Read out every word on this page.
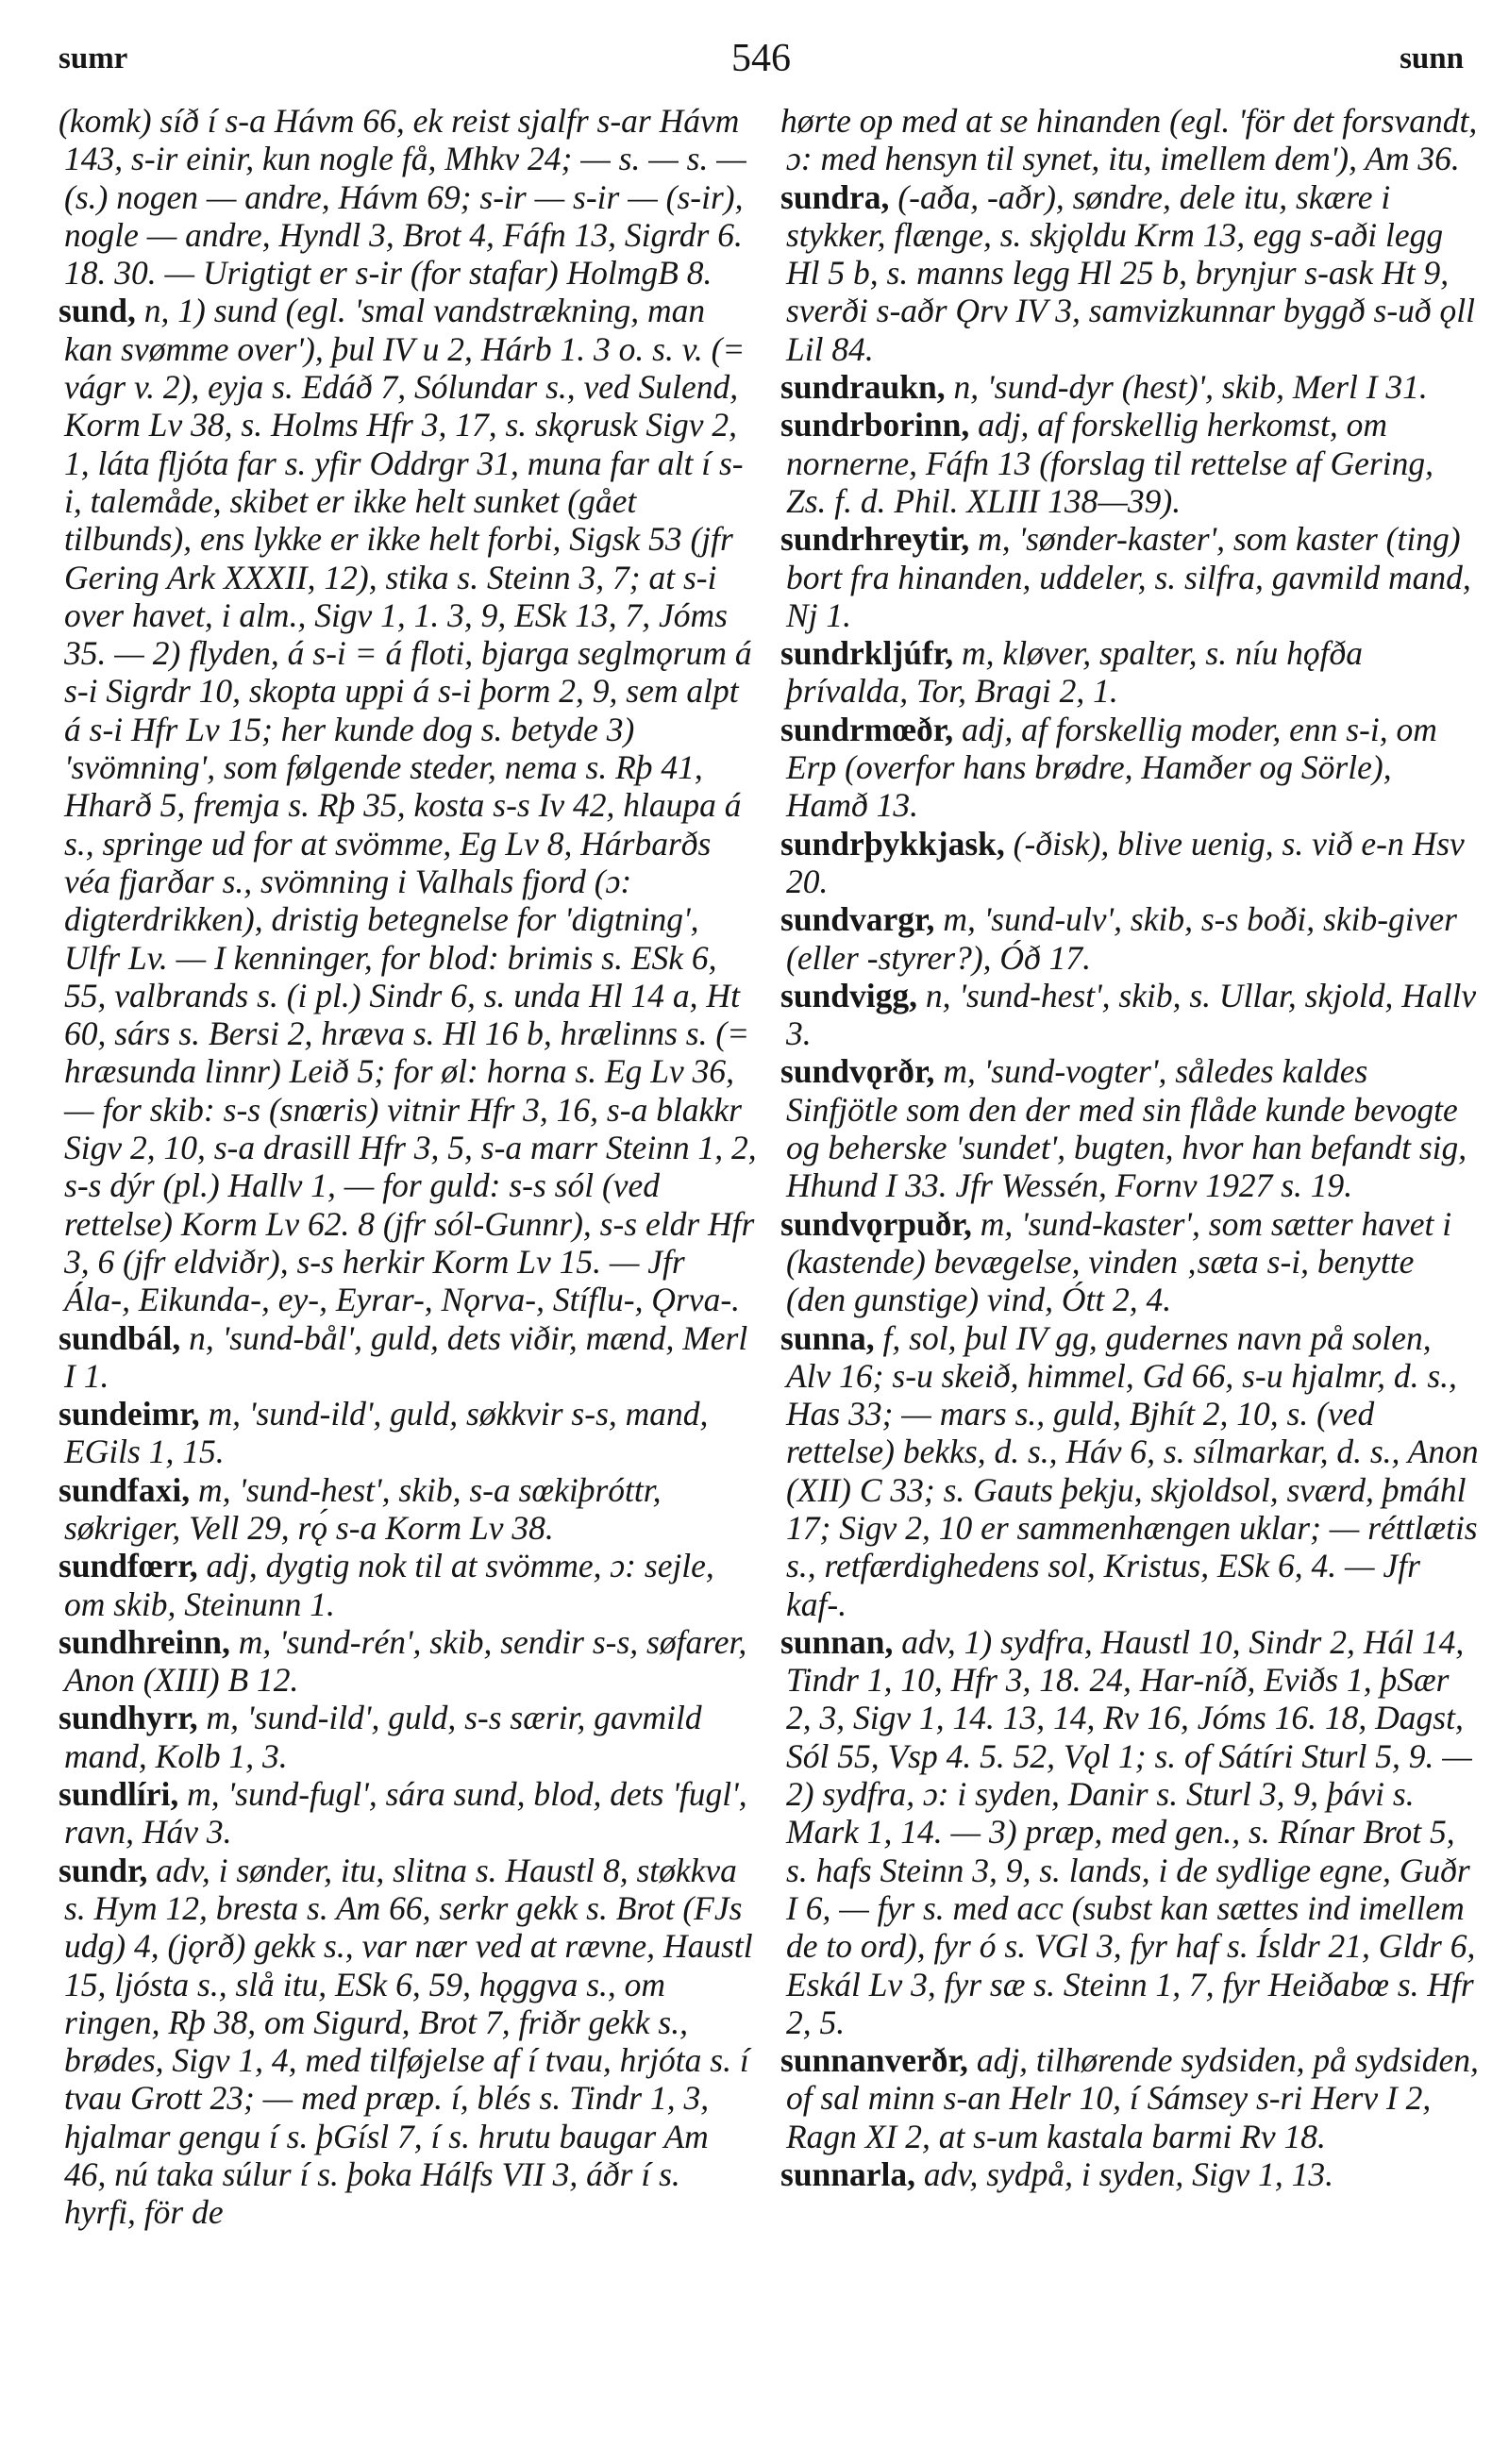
sumr	546	sunn

(komk) síð í s-a Hávm 66, ek reist sjalfr s-ar Hávm 143, s-ir einir, kun nogle få, Mhkv 24; — s. — s. — (s.) nogen — andre, Hávm 69; s-ir — s-ir — (s-ir), nogle — andre, Hyndl 3, Brot 4, Fáfn 13, Sigrdr 6. 18. 30. — Urigtigt er s-ir (for stafar) HolmgB 8.

sund, n, 1) sund (egl. 'smal vandstrækning, man kan svømme over'), þul IV u 2, Hárb 1. 3 o. s. v. (= vágr v. 2), eyja s. Edáð 7, Sólundar s., ved Sulend, Korm Lv 38, s. Holms Hfr 3, 17, s. skǫrusk Sigv 2, 1, láta fljóta far s. yfir Oddrgr 31, muna far alt í s-i, talemåde, skibet er ikke helt sunket (gået tilbunds), ens lykke er ikke helt forbi, Sigsk 53 (jfr Gering Ark XXXII, 12), stika s. Steinn 3, 7; at s-i over havet, i alm., Sigv 1, 1. 3, 9, ESk 13, 7, Jóms 35. — 2) flyden, á s-i = á floti, bjarga seglmǫrum á s-i Sigrdr 10, skopta uppi á s-i þorm 2, 9, sem alpt á s-i Hfr Lv 15; her kunde dog s. betyde 3) 'svömning', som følgende steder, nema s. Rþ 41, Hharð 5, fremja s. Rþ 35, kosta s-s Iv 42, hlaupa á s., springe ud for at svömme, Eg Lv 8, Hárbarðs véa fjarðar s., svömning i Valhals fjord (ɔ: digterdrikken), dristig betegnelse for 'digtning', Ulfr Lv. — I kenninger, for blod: brimis s. ESk 6, 55, valbrands s. (i pl.) Sindr 6, s. unda Hl 14 a, Ht 60, sárs s. Bersi 2, hræva s. Hl 16 b, hrælinns s. (= hræsunda linnr) Leið 5; for øl: horna s. Eg Lv 36, — for skib: s-s (snœris) vitnir Hfr 3, 16, s-a blakkr Sigv 2, 10, s-a drasill Hfr 3, 5, s-a marr Steinn 1, 2, s-s dýr (pl.) Hallv 1, — for guld: s-s sól (ved rettelse) Korm Lv 62. 8 (jfr sól-Gunnr), s-s eldr Hfr 3, 6 (jfr eldviðr), s-s herkir Korm Lv 15. — Jfr Ála-, Eikunda-, ey-, Eyrar-, Nǫrva-, Stíflu-, Ǫrva-.

sundbál, n, 'sund-bål', guld, dets viðir, mænd, Merl I 1.

sundeimr, m, 'sund-ild', guld, søkkvir s-s, mand, EGils 1, 15.

sundfaxi, m, 'sund-hest', skib, s-a sœkiþróttr, søkriger, Vell 29, rǫ́ s-a Korm Lv 38.

sundfœrr, adj, dygtig nok til at svömme, ɔ: sejle, om skib, Steinunn 1.

sundhreinn, m, 'sund-rén', skib, sendir s-s, søfarer, Anon (XIII) B 12.

sundhyrr, m, 'sund-ild', guld, s-s særir, gavmild mand, Kolb 1, 3.

sundlíri, m, 'sund-fugl', sára sund, blod, dets 'fugl', ravn, Háv 3.

sundr, adv, i sønder, itu, slitna s. Haustl 8, støkkva s. Hym 12, bresta s. Am 66, serkr gekk s. Brot (FJs udg) 4, (jǫrð) gekk s., var nær ved at rævne, Haustl 15, ljósta s., slå itu, ESk 6, 59, hǫggva s., om ringen, Rþ 38, om Sigurd, Brot 7, friðr gekk s., brødes, Sigv 1, 4, med tilføjelse af í tvau, hrjóta s. í tvau Grott 23; — med præp. í, blés s. Tindr 1, 3, hjalmar gengu í s. þGísl 7, í s. hrutu baugar Am 46, nú taka súlur í s. þoka Hálfs VII 3, áðr í s. hyrfi, för de

hørte op med at se hinanden (egl. 'för det forsvandt, ɔ: med hensyn til synet, itu, imellem dem'), Am 36.

sundra, (-aða, -aðr), søndre, dele itu, skære i stykker, flænge, s. skjǫldu Krm 13, egg s-aði legg Hl 5 b, s. manns legg Hl 25 b, brynjur s-ask Ht 9, sverði s-aðr Ǫrv IV 3, samvizkunnar byggð s-uð ǫll Lil 84.

sundraukn, n, 'sund-dyr (hest)', skib, Merl I 31.

sundrborinn, adj, af forskellig herkomst, om nornerne, Fáfn 13 (forslag til rettelse af Gering, Zs. f. d. Phil. XLIII 138—39).

sundrhreytir, m, 'sønder-kaster', som kaster (ting) bort fra hinanden, uddeler, s. silfra, gavmild mand, Nj 1.

sundrkljúfr, m, kløver, spalter, s. níu hǫfða þrívalda, Tor, Bragi 2, 1.

sundrmœðr, adj, af forskellig moder, enn s-i, om Erp (overfor hans brødre, Hamðer og Sörle), Hamð 13.

sundrþykkjask, (-ðisk), blive uenig, s. við e-n Hsv 20.

sundvargr, m, 'sund-ulv', skib, s-s boði, skib-giver (eller -styrer?), Óð 17.

sundvigg, n, 'sund-hest', skib, s. Ullar, skjold, Hallv 3.

sundvǫrðr, m, 'sund-vogter', således kaldes Sinfjötle som den der med sin flåde kunde bevogte og beherske 'sundet', bugten, hvor han befandt sig, Hhund I 33. Jfr Wessén, Fornv 1927 s. 19.

sundvǫrpuðr, m, 'sund-kaster', som sætter havet i (kastende) bevægelse, vinden ‚sæta s-i, benytte (den gunstige) vind, Ótt 2, 4.

sunna, f, sol, þul IV gg, gudernes navn på solen, Alv 16; s-u skeið, himmel, Gd 66, s-u hjalmr, d. s., Has 33; — mars s., guld, Bjhít 2, 10, s. (ved rettelse) bekks, d. s., Háv 6, s. sílmarkar, d. s., Anon (XII) C 33; s. Gauts þekju, skjoldsol, sværd, þmáhl 17; Sigv 2, 10 er sammenhængen uklar; — réttlætis s., retfærdighedens sol, Kristus, ESk 6, 4. — Jfr kaf-.

sunnan, adv, 1) sydfra, Haustl 10, Sindr 2, Hál 14, Tindr 1, 10, Hfr 3, 18. 24, Har-níð, Eviðs 1, þSær 2, 3, Sigv 1, 14. 13, 14, Rv 16, Jóms 16. 18, Dagst, Sól 55, Vsp 4. 5. 52, Vǫl 1; s. of Sátíri Sturl 5, 9. — 2) sydfra, ɔ: i syden, Danir s. Sturl 3, 9, þávi s. Mark 1, 14. — 3) præp, med gen., s. Rínar Brot 5, s. hafs Steinn 3, 9, s. lands, i de sydlige egne, Guðr I 6, — fyr s. med acc (subst kan sættes ind imellem de to ord), fyr ó s. VGl 3, fyr haf s. Ísldr 21, Gldr 6, Eskál Lv 3, fyr sæ s. Steinn 1, 7, fyr Heiðabœ s. Hfr 2, 5.

sunnanverðr, adj, tilhørende sydsiden, på sydsiden, of sal minn s-an Helr 10, í Sámsey s-ri Herv I 2, Ragn XI 2, at s-um kastala barmi Rv 18.

sunnarla, adv, sydpå, i syden, Sigv 1, 13.
